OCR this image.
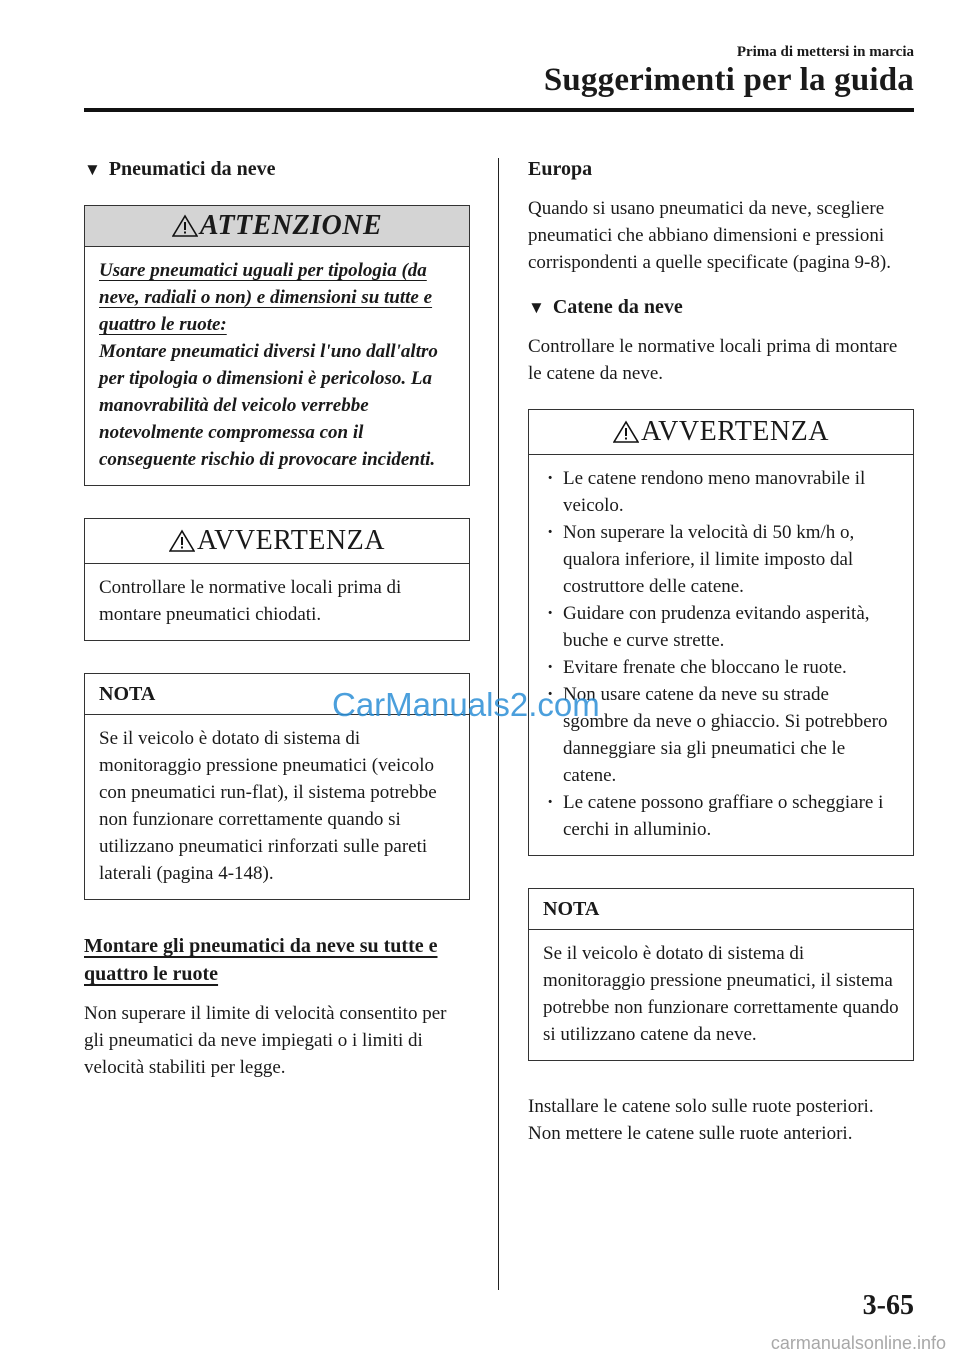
Prima di mettersi in marcia
Suggerimenti per la guida
▼ Pneumatici da neve
ATTENZIONE
Usare pneumatici uguali per tipologia (da neve, radiali o non) e dimensioni su tutte e quattro le ruote:
Montare pneumatici diversi l'uno dall'altro per tipologia o dimensioni è pericoloso. La manovrabilità del veicolo verrebbe notevolmente compromessa con il conseguente rischio di provocare incidenti.
AVVERTENZA

Controllare le normative locali prima di montare pneumatici chiodati.

NOTA

Se il veicolo è dotato di sistema di monitoraggio pressione pneumatici (veicolo con pneumatici run-flat), il sistema potrebbe non funzionare correttamente quando si utilizzano pneumatici rinforzati sulle pareti laterali (pagina 4-148).

Montare gli pneumatici da neve su tutte e quattro le ruote

Non superare il limite di velocità consentito per gli pneumatici da neve impiegati o i limiti di velocità stabiliti per legge.

Europa

Quando si usano pneumatici da neve, scegliere pneumatici che abbiano dimensioni e pressioni corrispondenti a quelle specificate (pagina 9-8).

▼ Catene da neve

Controllare le normative locali prima di montare le catene da neve.

AVVERTENZA
· Le catene rendono meno manovrabile il veicolo.
· Non superare la velocità di 50 km/h o, qualora inferiore, il limite imposto dal costruttore delle catene.
· Guidare con prudenza evitando asperità, buche e curve strette.
· Evitare frenate che bloccano le ruote.
· Non usare catene da neve su strade sgombre da neve o ghiaccio. Si potrebbero danneggiare sia gli pneumatici che le catene.
· Le catene possono graffiare o scheggiare i cerchi in alluminio.
NOTA

Se il veicolo è dotato di sistema di monitoraggio pressione pneumatici, il sistema potrebbe non funzionare correttamente quando si utilizzano catene da neve.

Installare le catene solo sulle ruote posteriori.

Non mettere le catene sulle ruote anteriori.

3-65
CarManuals2.com
carmanualsonline.info
